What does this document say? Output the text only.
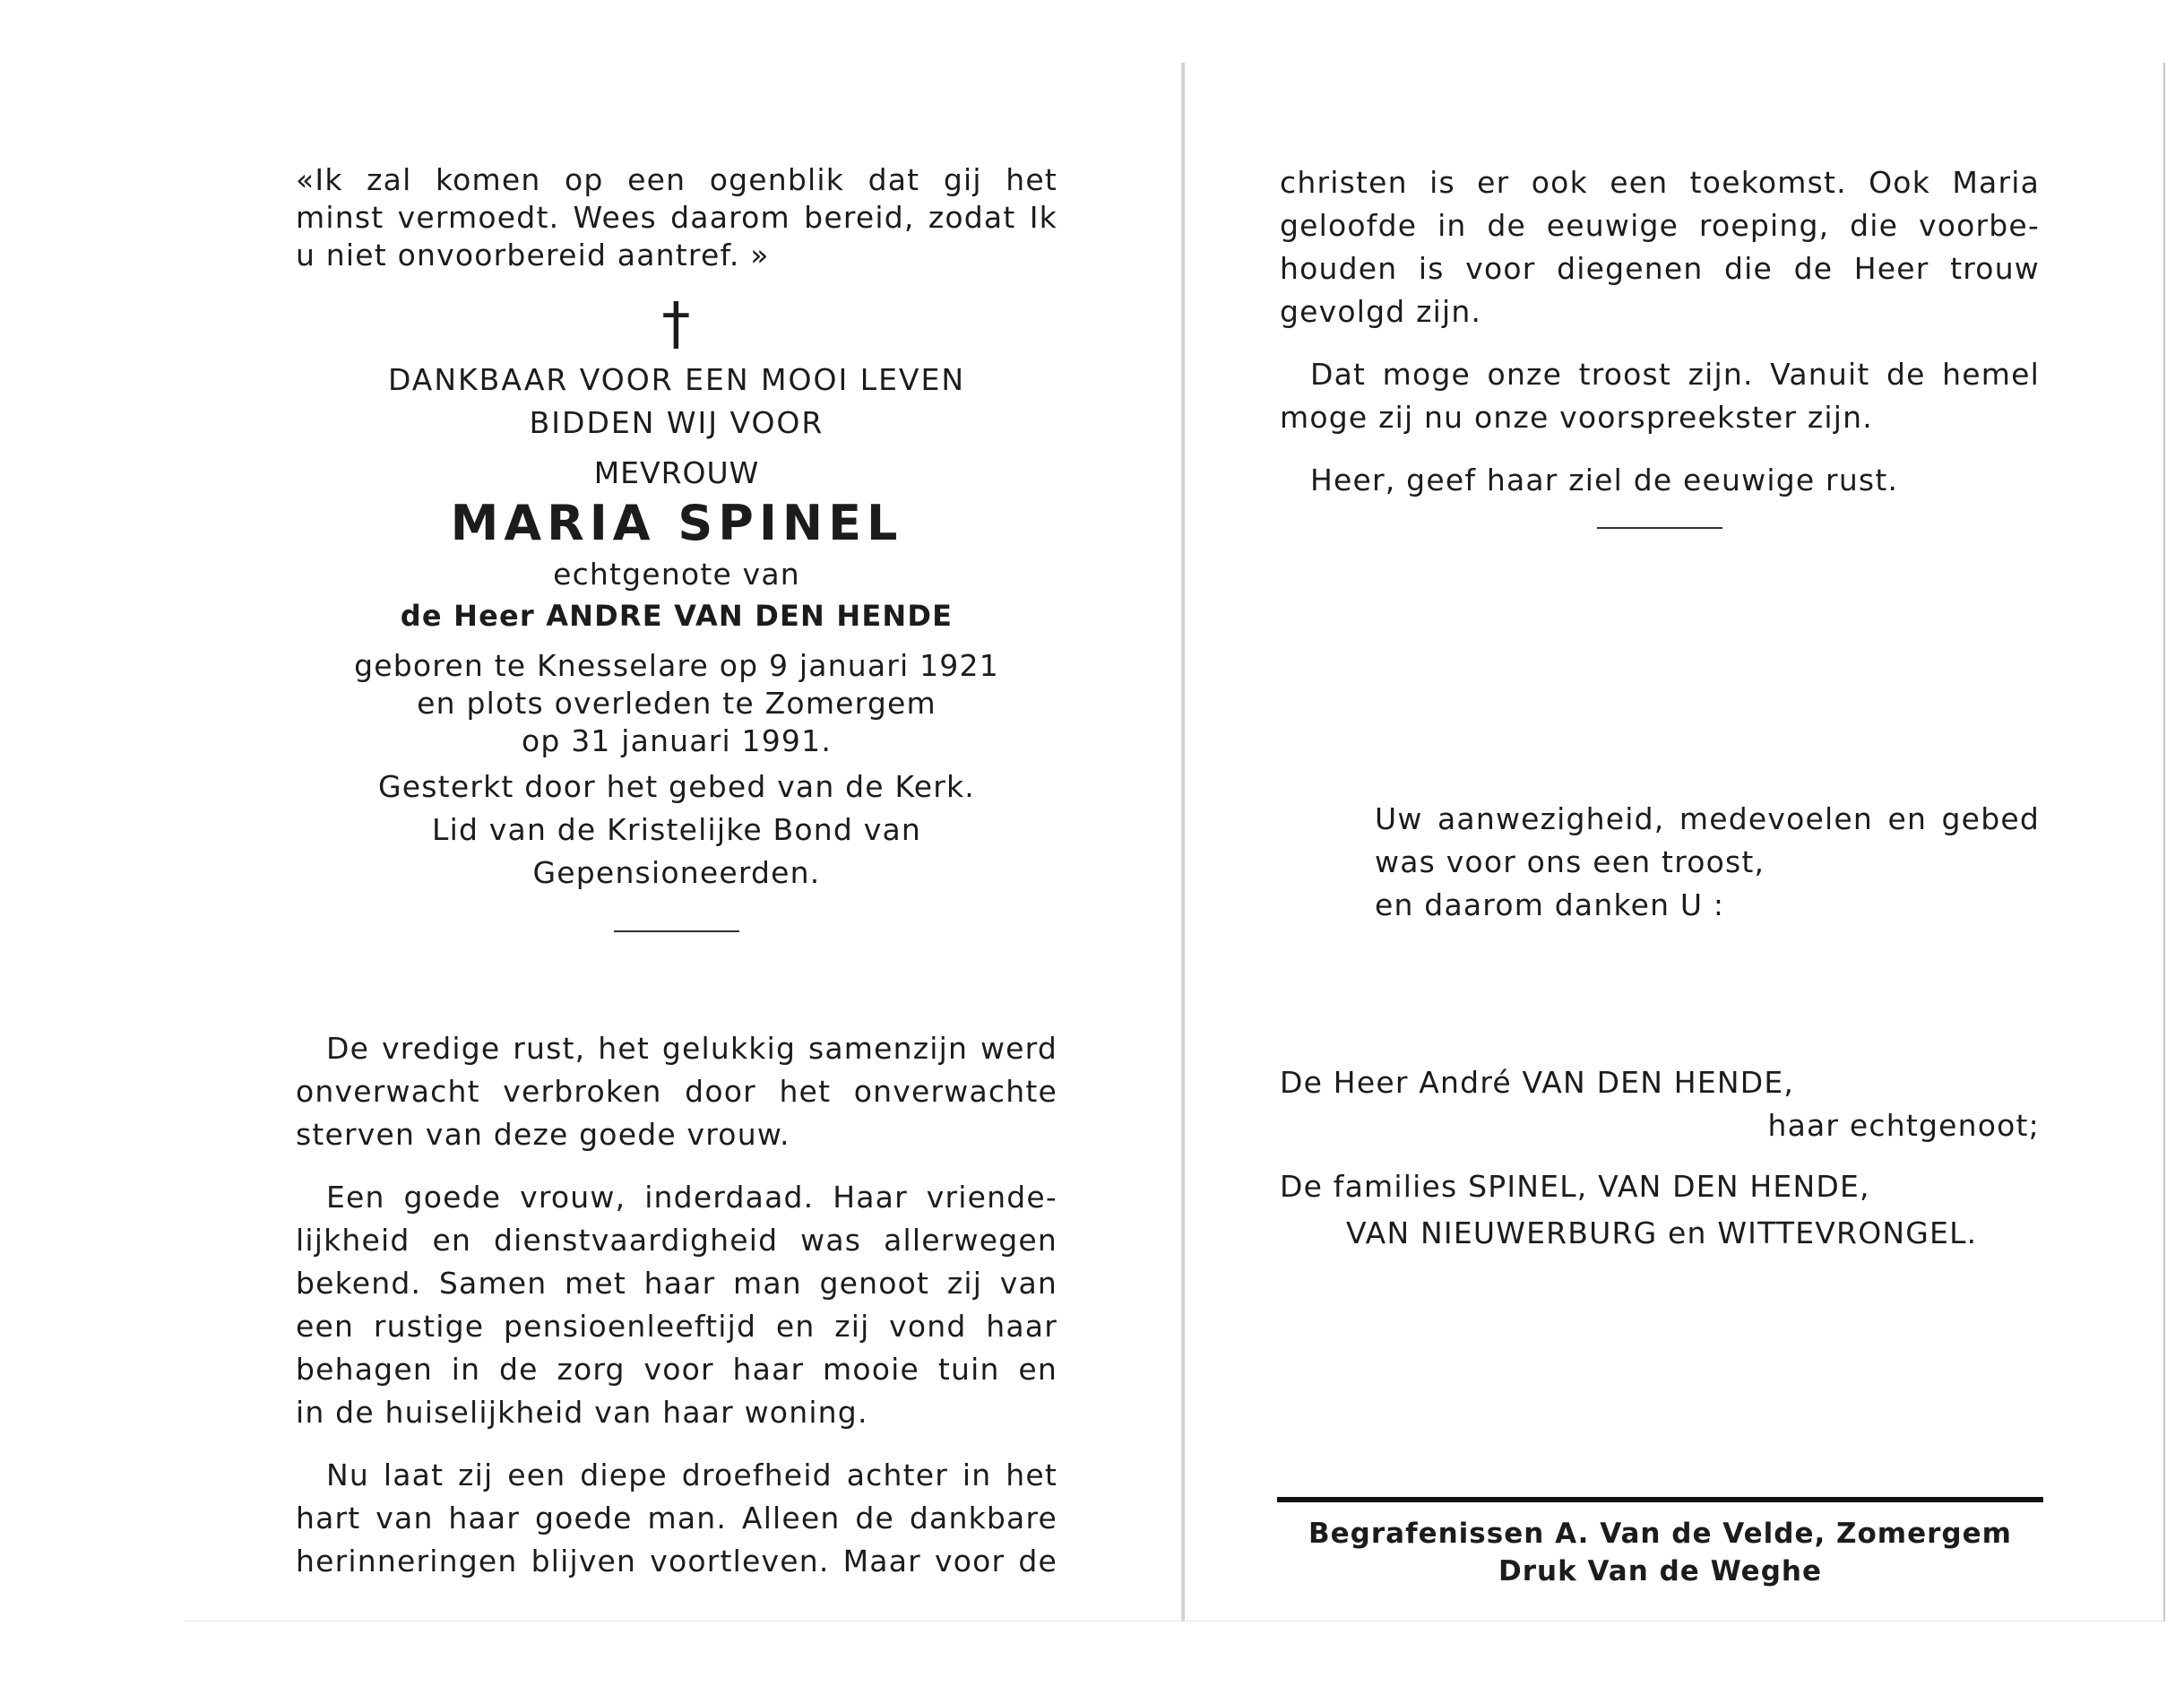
«Ik zal komen op een ogenblik dat gij het
minst vermoedt. Wees daarom bereid, zodat Ik
u niet onvoorbereid aantref. »
†
DANKBAAR VOOR EEN MOOI LEVEN
BIDDEN WIJ VOOR
MEVROUW
MARIA SPINEL
echtgenote van
de Heer ANDRE VAN DEN HENDE
geboren te Knesselare op 9 januari 1921
en plots overleden te Zomergem
op 31 januari 1991.
Gesterkt door het gebed van de Kerk.
Lid van de Kristelijke Bond van Gepensioneerden.
De vredige rust, het gelukkig samenzijn werd
onverwacht verbroken door het onverwachte
sterven van deze goede vrouw.
Een goede vrouw, inderdaad. Haar vriende-
lijkheid en dienstvaardigheid was allerwegen
bekend. Samen met haar man genoot zij van
een rustige pensioenleeftijd en zij vond haar
behagen in de zorg voor haar mooie tuin en
in de huiselijkheid van haar woning.
Nu laat zij een diepe droefheid achter in het
hart van haar goede man. Alleen de dankbare
herinneringen blijven voortleven. Maar voor de
christen is er ook een toekomst. Ook Maria
geloofde in de eeuwige roeping, die voorbe-
houden is voor diegenen die de Heer trouw
gevolgd zijn.
Dat moge onze troost zijn. Vanuit de hemel
moge zij nu onze voorspreekster zijn.
Heer, geef haar ziel de eeuwige rust.
Uw aanwezigheid, medevoelen en gebed
was voor ons een troost,
en daarom danken U :
De Heer André VAN DEN HENDE,
haar echtgenoot;
De families SPINEL, VAN DEN HENDE,
VAN NIEUWERBURG en WITTEVRONGEL.
Begrafenissen A. Van de Velde, Zomergem
Druk Van de Weghe
